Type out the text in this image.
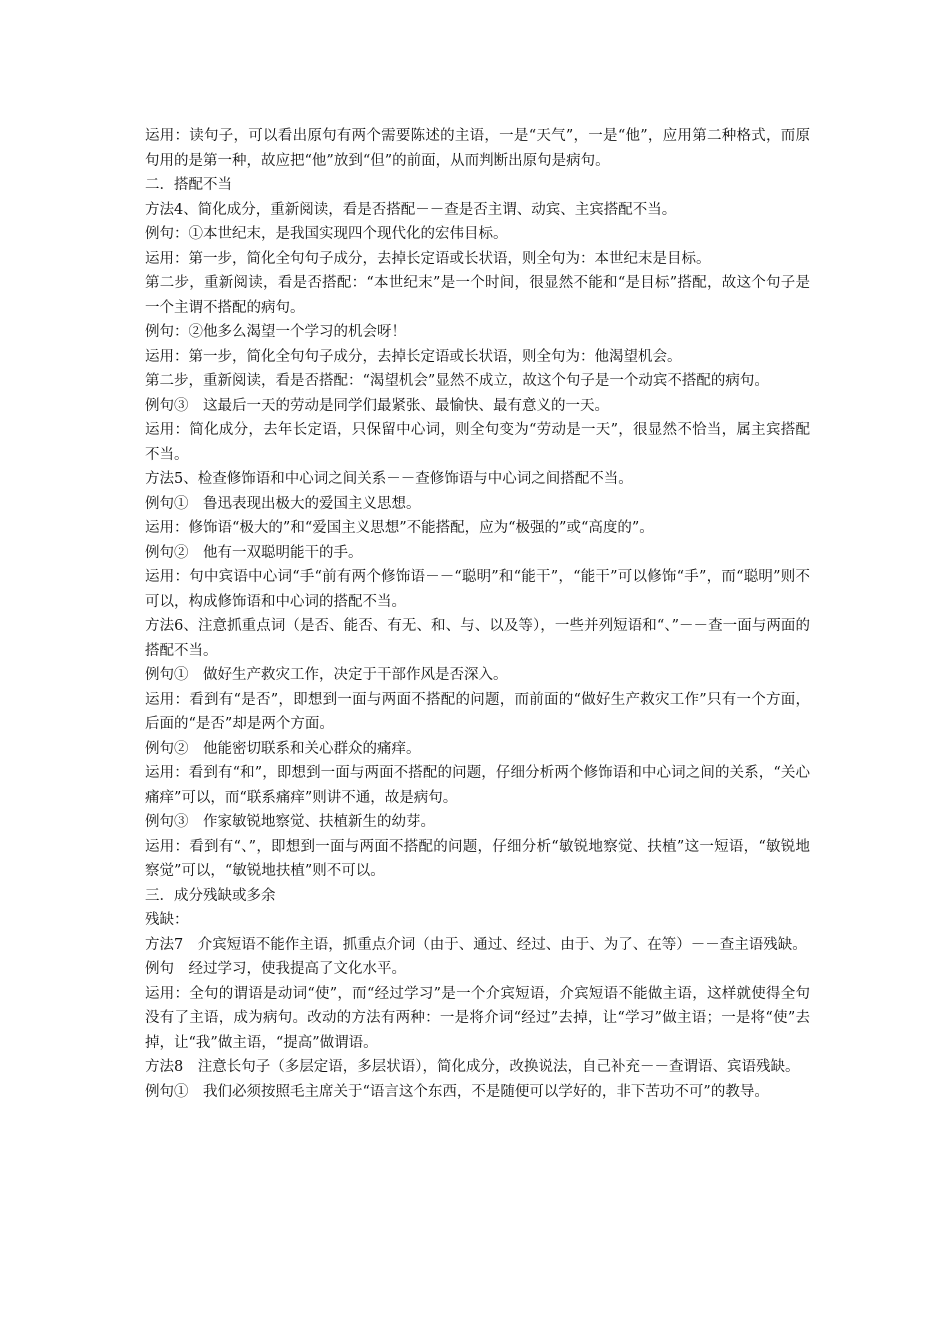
运用：读句子，可以看出原句有两个需要陈述的主语，一是“天气”，一是“他”，应用第二种格式，而原句用的是第一种，故应把“他”放到“但”的前面，从而判断出原句是病句。

二．搭配不当

方法4、简化成分，重新阅读，看是否搭配－－查是否主谓、动宾、主宾搭配不当。

例句：①本世纪末，是我国实现四个现代化的宏伟目标。

运用：第一步，简化全句句子成分，去掉长定语或长状语，则全句为：本世纪末是目标。

第二步，重新阅读，看是否搭配：“本世纪末”是一个时间，很显然不能和“是目标”搭配，故这个句子是一个主谓不搭配的病句。

例句：②他多么渴望一个学习的机会呀！

运用：第一步，简化全句句子成分，去掉长定语或长状语，则全句为：他渴望机会。

第二步，重新阅读，看是否搭配：“渴望机会”显然不成立，故这个句子是一个动宾不搭配的病句。

例句③　这最后一天的劳动是同学们最紧张、最愉快、最有意义的一天。

运用：简化成分，去年长定语，只保留中心词，则全句变为“劳动是一天”，很显然不恰当，属主宾搭配不当。

方法5、检查修饰语和中心词之间关系－－查修饰语与中心词之间搭配不当。

例句①　鲁迅表现出极大的爱国主义思想。

运用：修饰语“极大的”和“爱国主义思想”不能搭配，应为“极强的”或“高度的”。

例句②　他有一双聪明能干的手。

运用：句中宾语中心词“手“前有两个修饰语－－“聪明”和“能干”，“能干”可以修饰“手”，而“聪明”则不可以，构成修饰语和中心词的搭配不当。

方法6、注意抓重点词（是否、能否、有无、和、与、以及等），一些并列短语和“、”－－查一面与两面的搭配不当。

例句①　做好生产救灾工作，决定于干部作风是否深入。

运用：看到有“是否”，即想到一面与两面不搭配的问题，而前面的“做好生产救灾工作”只有一个方面，后面的“是否”却是两个方面。

例句②　他能密切联系和关心群众的痛痒。

运用：看到有“和”，即想到一面与两面不搭配的问题，仔细分析两个修饰语和中心词之间的关系，“关心痛痒”可以，而“联系痛痒”则讲不通，故是病句。

例句③　作家敏锐地察觉、扶植新生的幼芽。

运用：看到有“、”，即想到一面与两面不搭配的问题，仔细分析“敏锐地察觉、扶植”这一短语，“敏锐地察觉”可以，“敏锐地扶植”则不可以。

三．成分残缺或多余

残缺：

方法7　介宾短语不能作主语，抓重点介词（由于、通过、经过、由于、为了、在等）－－查主语残缺。

例句　经过学习，使我提高了文化水平。

运用：全句的谓语是动词“使”，而“经过学习”是一个介宾短语，介宾短语不能做主语，这样就使得全句没有了主语，成为病句。改动的方法有两种：一是将介词“经过”去掉，让“学习”做主语；一是将“使”去掉，让“我”做主语，“提高”做谓语。

方法8　注意长句子（多层定语，多层状语），简化成分，改换说法，自己补充－－查谓语、宾语残缺。

例句①　我们必须按照毛主席关于“语言这个东西，不是随便可以学好的，非下苦功不可”的教导。
